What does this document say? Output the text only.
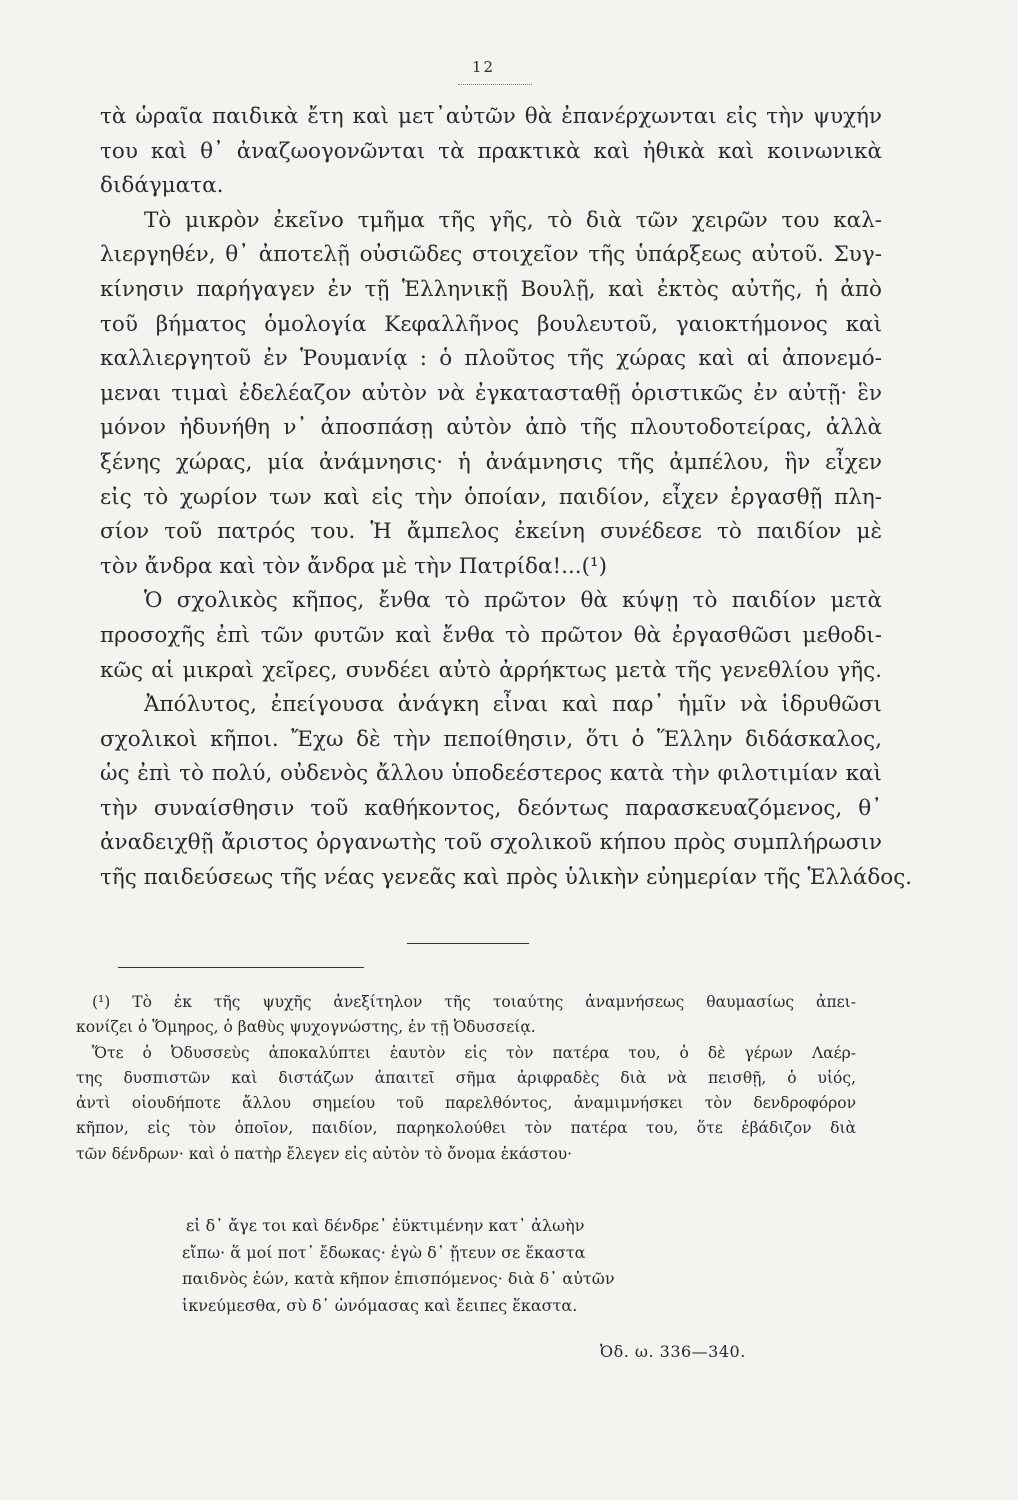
12
τὰ ὡραῖα παιδικὰ ἔτη καὶ μετ᾽αὐτῶν θὰ ἐπανέρχωνται εἰς τὴν ψυχήν
του καὶ θ᾽ ἀναζωογονῶνται τὰ πρακτικὰ καὶ ἠθικὰ καὶ κοινωνικὰ
διδάγματα.
Τὸ μικρὸν ἐκεῖνο τμῆμα τῆς γῆς, τὸ διὰ τῶν χειρῶν του καλ-
λιεργηθέν, θ᾽ ἀποτελῇ οὐσιῶδες στοιχεῖον τῆς ὑπάρξεως αὐτοῦ. Συγ-
κίνησιν παρήγαγεν ἐν τῇ Ἑλληνικῇ Βουλῇ, καὶ ἐκτὸς αὐτῆς, ἡ ἀπὸ
τοῦ βήματος ὁμολογία Κεφαλλῆνος βουλευτοῦ, γαιοκτήμονος καὶ
καλλιεργητοῦ ἐν Ῥουμανίᾳ : ὁ πλοῦτος τῆς χώρας καὶ αἱ ἀπονεμό-
μεναι τιμαὶ ἐδελέαζον αὐτὸν νὰ ἐγκατασταθῇ ὁριστικῶς ἐν αὐτῇ· ἓν
μόνον ἠδυνήθη ν᾽ ἀποσπάσῃ αὐτὸν ἀπὸ τῆς πλουτοδοτείρας, ἀλλὰ
ξένης χώρας, μία ἀνάμνησις· ἡ ἀνάμνησις τῆς ἀμπέλου, ἣν εἶχεν
εἰς τὸ χωρίον των καὶ εἰς τὴν ὁποίαν, παιδίον, εἶχεν ἐργασθῇ πλη-
σίον τοῦ πατρός του. Ἡ ἄμπελος ἐκείνη συνέδεσε τὸ παιδίον μὲ
τὸν ἄνδρα καὶ τὸν ἄνδρα μὲ τὴν Πατρίδα!...(¹)
Ὁ σχολικὸς κῆπος, ἔνθα τὸ πρῶτον θὰ κύψῃ τὸ παιδίον μετὰ
προσοχῆς ἐπὶ τῶν φυτῶν καὶ ἔνθα τὸ πρῶτον θὰ ἐργασθῶσι μεθοδι-
κῶς αἱ μικραὶ χεῖρες, συνδέει αὐτὸ ἀρρήκτως μετὰ τῆς γενεθλίου γῆς.
Ἀπόλυτος, ἐπείγουσα ἀνάγκη εἶναι καὶ παρ᾽ ἡμῖν νὰ ἱδρυθῶσι
σχολικοὶ κῆποι. Ἔχω δὲ τὴν πεποίθησιν, ὅτι ὁ Ἕλλην διδάσκαλος,
ὡς ἐπὶ τὸ πολύ, οὐδενὸς ἄλλου ὑποδεέστερος κατὰ τὴν φιλοτιμίαν καὶ
τὴν συναίσθησιν τοῦ καθήκοντος, δεόντως παρασκευαζόμενος, θ᾽
ἀναδειχθῇ ἄριστος ὀργανωτὴς τοῦ σχολικοῦ κήπου πρὸς συμπλήρωσιν
τῆς παιδεύσεως τῆς νέας γενεᾶς καὶ πρὸς ὑλικὴν εὐημερίαν τῆς Ἑλλάδος.
(¹) Τὸ ἐκ τῆς ψυχῆς ἀνεξίτηλον τῆς τοιαύτης ἀναμνήσεως θαυμασίως ἀπει-
κονίζει ὁ Ὅμηρος, ὁ βαθὺς ψυχογνώστης, ἐν τῇ Ὀδυσσείᾳ.
Ὅτε ὁ Ὀδυσσεὺς ἀποκαλύπτει ἑαυτὸν εἰς τὸν πατέρα του, ὁ δὲ γέρων Λαέρ-
της δυσπιστῶν καὶ διστάζων ἀπαιτεῖ σῆμα ἀριφραδὲς διὰ νὰ πεισθῇ, ὁ υἱός,
ἀντὶ οἱουδήποτε ἄλλου σημείου τοῦ παρελθόντος, ἀναμιμνήσκει τὸν δενδροφόρον
κῆπον, εἰς τὸν ὁποῖον, παιδίον, παρηκολούθει τὸν πατέρα του, ὅτε ἐβάδιζον διὰ
τῶν δένδρων· καὶ ὁ πατὴρ ἔλεγεν εἰς αὐτὸν τὸ ὄνομα ἑκάστου·
εἰ δ᾽ ἄγε τοι καὶ δένδρε᾽ ἐϋκτιμένην κατ᾽ ἀλωὴν
εἴπω· ἅ μοί ποτ᾽ ἔδωκας· ἐγὼ δ᾽ ᾔτευν σε ἕκαστα
παιδνὸς ἐών, κατὰ κῆπον ἐπισπόμενος· διὰ δ᾽ αὐτῶν
ἱκνεύμεσθα, σὺ δ᾽ ὠνόμασας καὶ ἔειπες ἕκαστα.
Ὀδ. ω. 336—340.
